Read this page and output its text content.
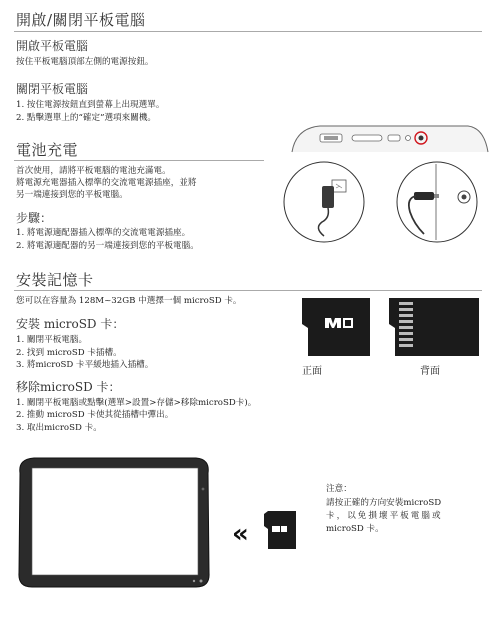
開啟/關閉平板電腦
開啟平板電腦
按住平板電腦頂部左側的電源按鈕。
關閉平板電腦
1. 按住電源按鈕直到螢幕上出現選單。
2. 點擊選單上的“確定”選項來關機。
電池充電
首次使用，請將平板電腦的電池充滿電。
將電源充電器插入標準的交流電電源插座，並將
另一端連接到您的平板電腦。
步驟：
1. 將電源適配器插入標準的交流電電源插座。
2. 將電源適配器的另一端連接到您的平板電腦。
安裝記憶卡
您可以在容量為 128M~32GB 中選擇一個 microSD 卡。
安裝 microSD 卡：
1. 關閉平板電腦。
2. 找到 microSD 卡插槽。
3. 將microSD 卡平緩地插入插槽。
移除microSD 卡：
1. 關閉平板電腦或點擊(選單>設置>存儲>移除microSD卡)。
2. 推動 microSD 卡使其從插槽中彈出。
3. 取出microSD 卡。
正面	背面
«
注意：
請按正確的方向安裝microSD
卡，以免損壞平板電腦或
microSD 卡。
